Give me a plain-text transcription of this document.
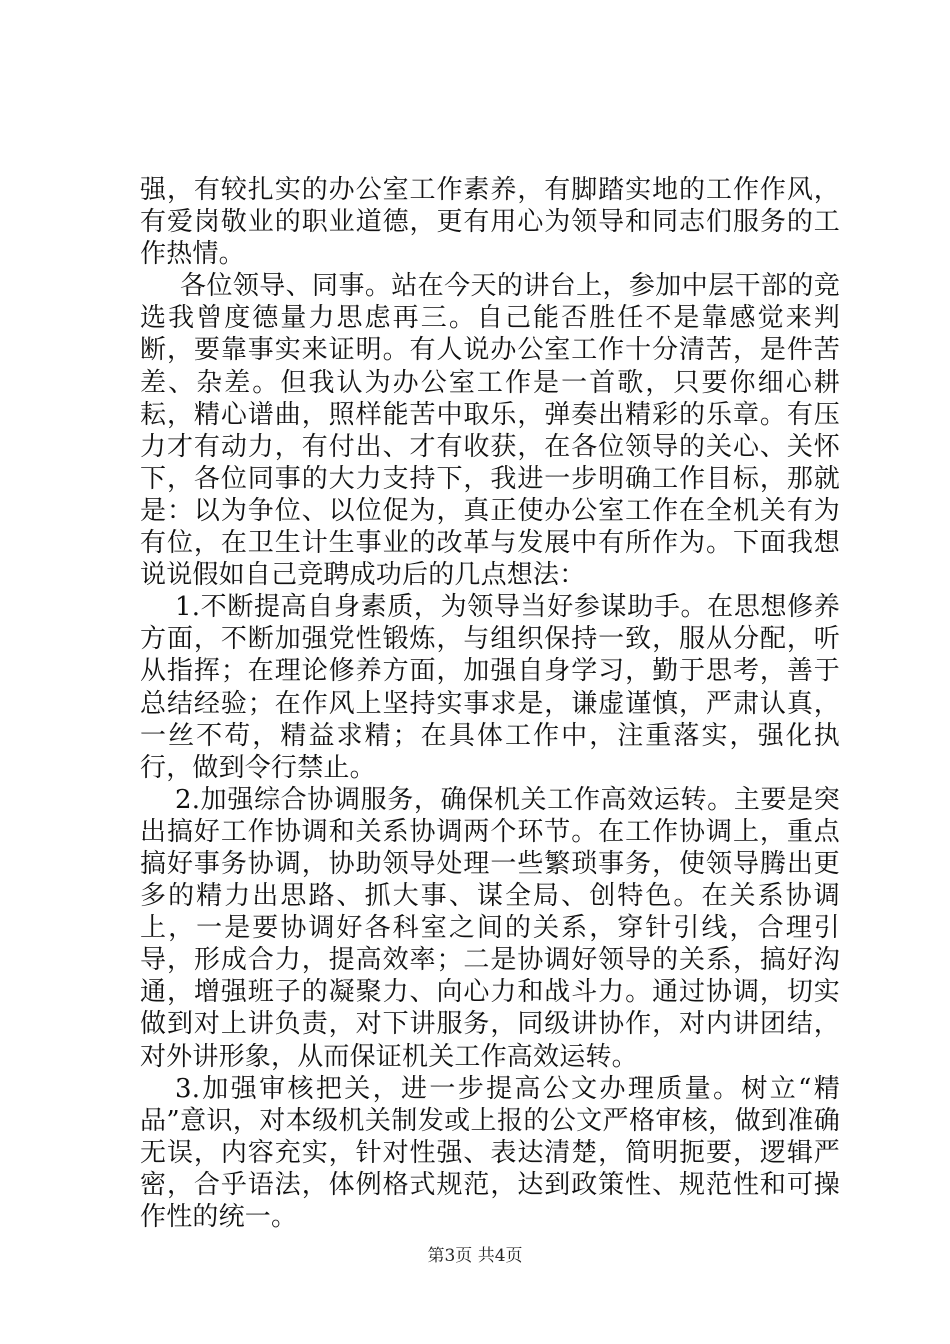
强，有较扎实的办公室工作素养，有脚踏实地的工作作风，有爱岗敬业的职业道德，更有用心为领导和同志们服务的工作热情。

各位领导、同事。站在今天的讲台上，参加中层干部的竞选我曾度德量力思虑再三。自己能否胜任不是靠感觉来判断，要靠事实来证明。有人说办公室工作十分清苦，是件苦差、杂差。但我认为办公室工作是一首歌，只要你细心耕耘，精心谱曲，照样能苦中取乐，弹奏出精彩的乐章。有压力才有动力，有付出、才有收获，在各位领导的关心、关怀下，各位同事的大力支持下，我进一步明确工作目标，那就是：以为争位、以位促为，真正使办公室工作在全机关有为有位，在卫生计生事业的改革与发展中有所作为。下面我想说说假如自己竞聘成功后的几点想法：

1.不断提高自身素质，为领导当好参谋助手。在思想修养方面，不断加强党性锻炼，与组织保持一致，服从分配，听从指挥；在理论修养方面，加强自身学习，勤于思考，善于总结经验；在作风上坚持实事求是，谦虚谨慎，严肃认真，一丝不苟，精益求精；在具体工作中，注重落实，强化执行，做到令行禁止。

2.加强综合协调服务，确保机关工作高效运转。主要是突出搞好工作协调和关系协调两个环节。在工作协调上，重点搞好事务协调，协助领导处理一些繁琐事务，使领导腾出更多的精力出思路、抓大事、谋全局、创特色。在关系协调上，一是要协调好各科室之间的关系，穿针引线，合理引导，形成合力，提高效率；二是协调好领导的关系，搞好沟通，增强班子的凝聚力、向心力和战斗力。通过协调，切实做到对上讲负责，对下讲服务，同级讲协作，对内讲团结，对外讲形象，从而保证机关工作高效运转。

3.加强审核把关，进一步提高公文办理质量。树立“精品”意识，对本级机关制发或上报的公文严格审核，做到准确无误，内容充实，针对性强、表达清楚，简明扼要，逻辑严密，合乎语法，体例格式规范，达到政策性、规范性和可操作性的统一。

第3页 共4页
